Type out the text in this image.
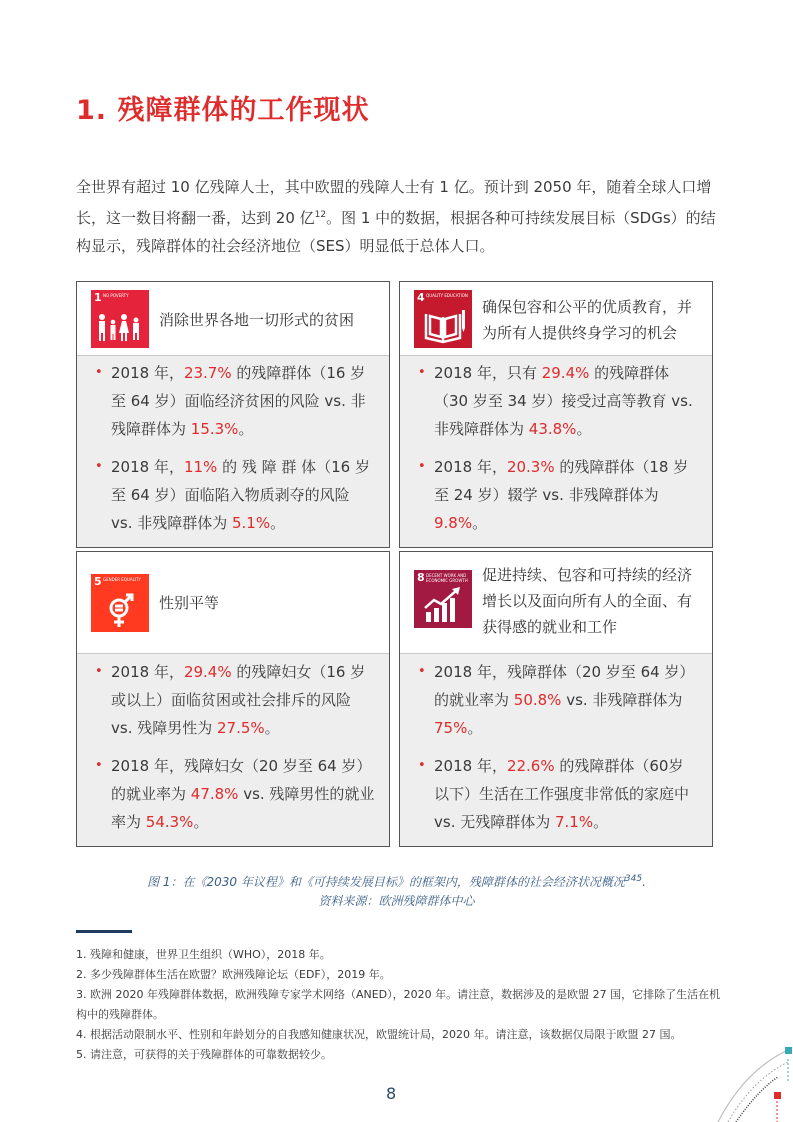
1. 残障群体的工作现状

全世界有超过 10 亿残障人士，其中欧盟的残障人士有 1 亿。预计到 2050 年，随着全球人口增长，这一数目将翻一番，达到 20 亿$^{12}$。图 1 中的数据，根据各种可持续发展目标（SDGs）的结构显示，残障群体的社会经济地位（SES）明显低于总体人口。

1 NO POVERTY
消除世界各地一切形式的贫困
• 2018 年，23.7% 的残障群体（16 岁至 64 岁）面临经济贫困的风险 vs. 非残障群体为 15.3%。
• 2018 年，11% 的 残 障 群 体（16 岁至 64 岁）面临陷入物质剥夺的风险 vs. 非残障群体为 5.1%。
4 QUALITY EDUCATION
确保包容和公平的优质教育，并为所有人提供终身学习的机会
• 2018 年，只有 29.4% 的残障群体（30 岁至 34 岁）接受过高等教育 vs. 非残障群体为 43.8%。
• 2018 年，20.3% 的残障群体（18 岁至 24 岁）辍学 vs. 非残障群体为 9.8%。
5 GENDER EQUALITY
性别平等
• 2018 年，29.4% 的残障妇女（16 岁或以上）面临贫困或社会排斥的风险 vs. 残障男性为 27.5%。
• 2018 年，残障妇女（20 岁至 64 岁）的就业率为 47.8% vs. 残障男性的就业率为 54.3%。
8 DECENT WORK AND ECONOMIC GROWTH 促进持续、包容和可持续的经济增长以及面向所有人的全面、有获得感的就业和工作
• 2018 年，残障群体（20 岁至 64 岁）的就业率为 50.8% vs. 非残障群体为 75%。
• 2018 年，22.6% 的残障群体（60岁以下）生活在工作强度非常低的家庭中 vs. 无残障群体为 7.1%。
图 1：在《2030 年议程》和《可持续发展目标》的框架内，残障群体的社会经济状况概况$^{345}$.
资料来源：欧洲残障群体中心
1. 残障和健康，世界卫生组织（WHO），2018 年。
2. 多少残障群体生活在欧盟？欧洲残障论坛（EDF），2019 年。
3. 欧洲 2020 年残障群体数据，欧洲残障专家学术网络（ANED），2020 年。请注意，数据涉及的是欧盟 27 国，它排除了生活在机构中的残障群体。
4. 根据活动限制水平、性别和年龄划分的自我感知健康状况，欧盟统计局，2020 年。请注意，该数据仅局限于欧盟 27 国。
5. 请注意，可获得的关于残障群体的可靠数据较少。
8
